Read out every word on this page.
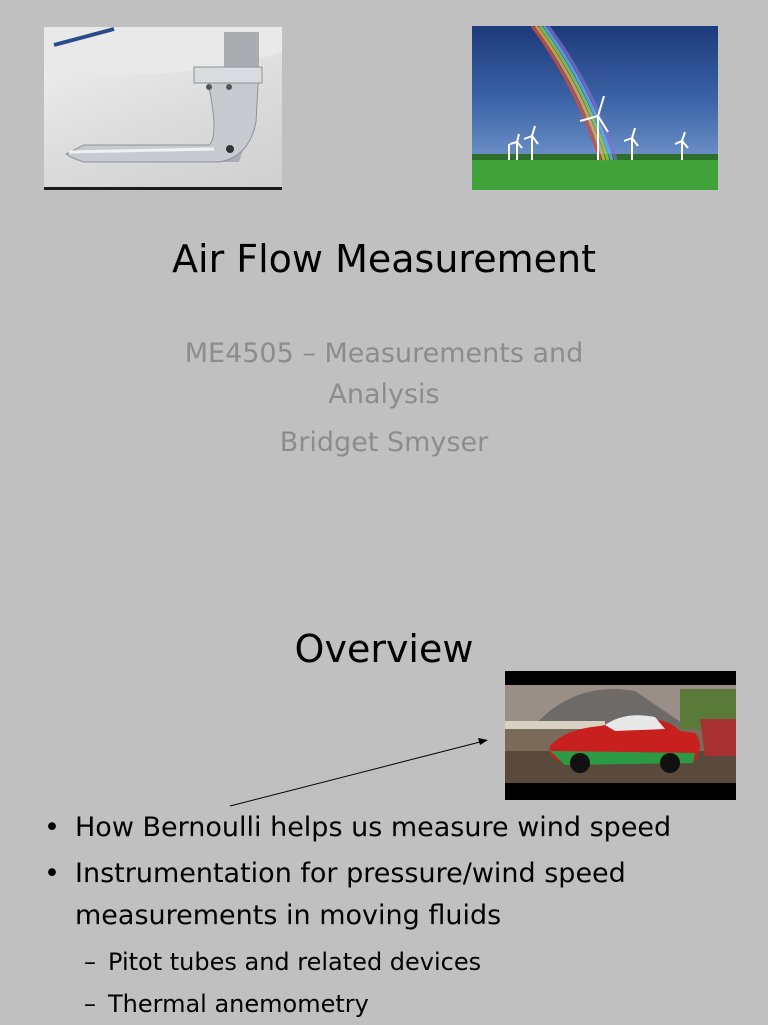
Air Flow Measurement
ME4505 – Measurements and
Analysis
Bridget Smyser
Overview
• How Bernoulli helps us measure wind speed
• Instrumentation for pressure/wind speed measurements in moving fluids
– Pitot tubes and related devices
– Thermal anemometry
